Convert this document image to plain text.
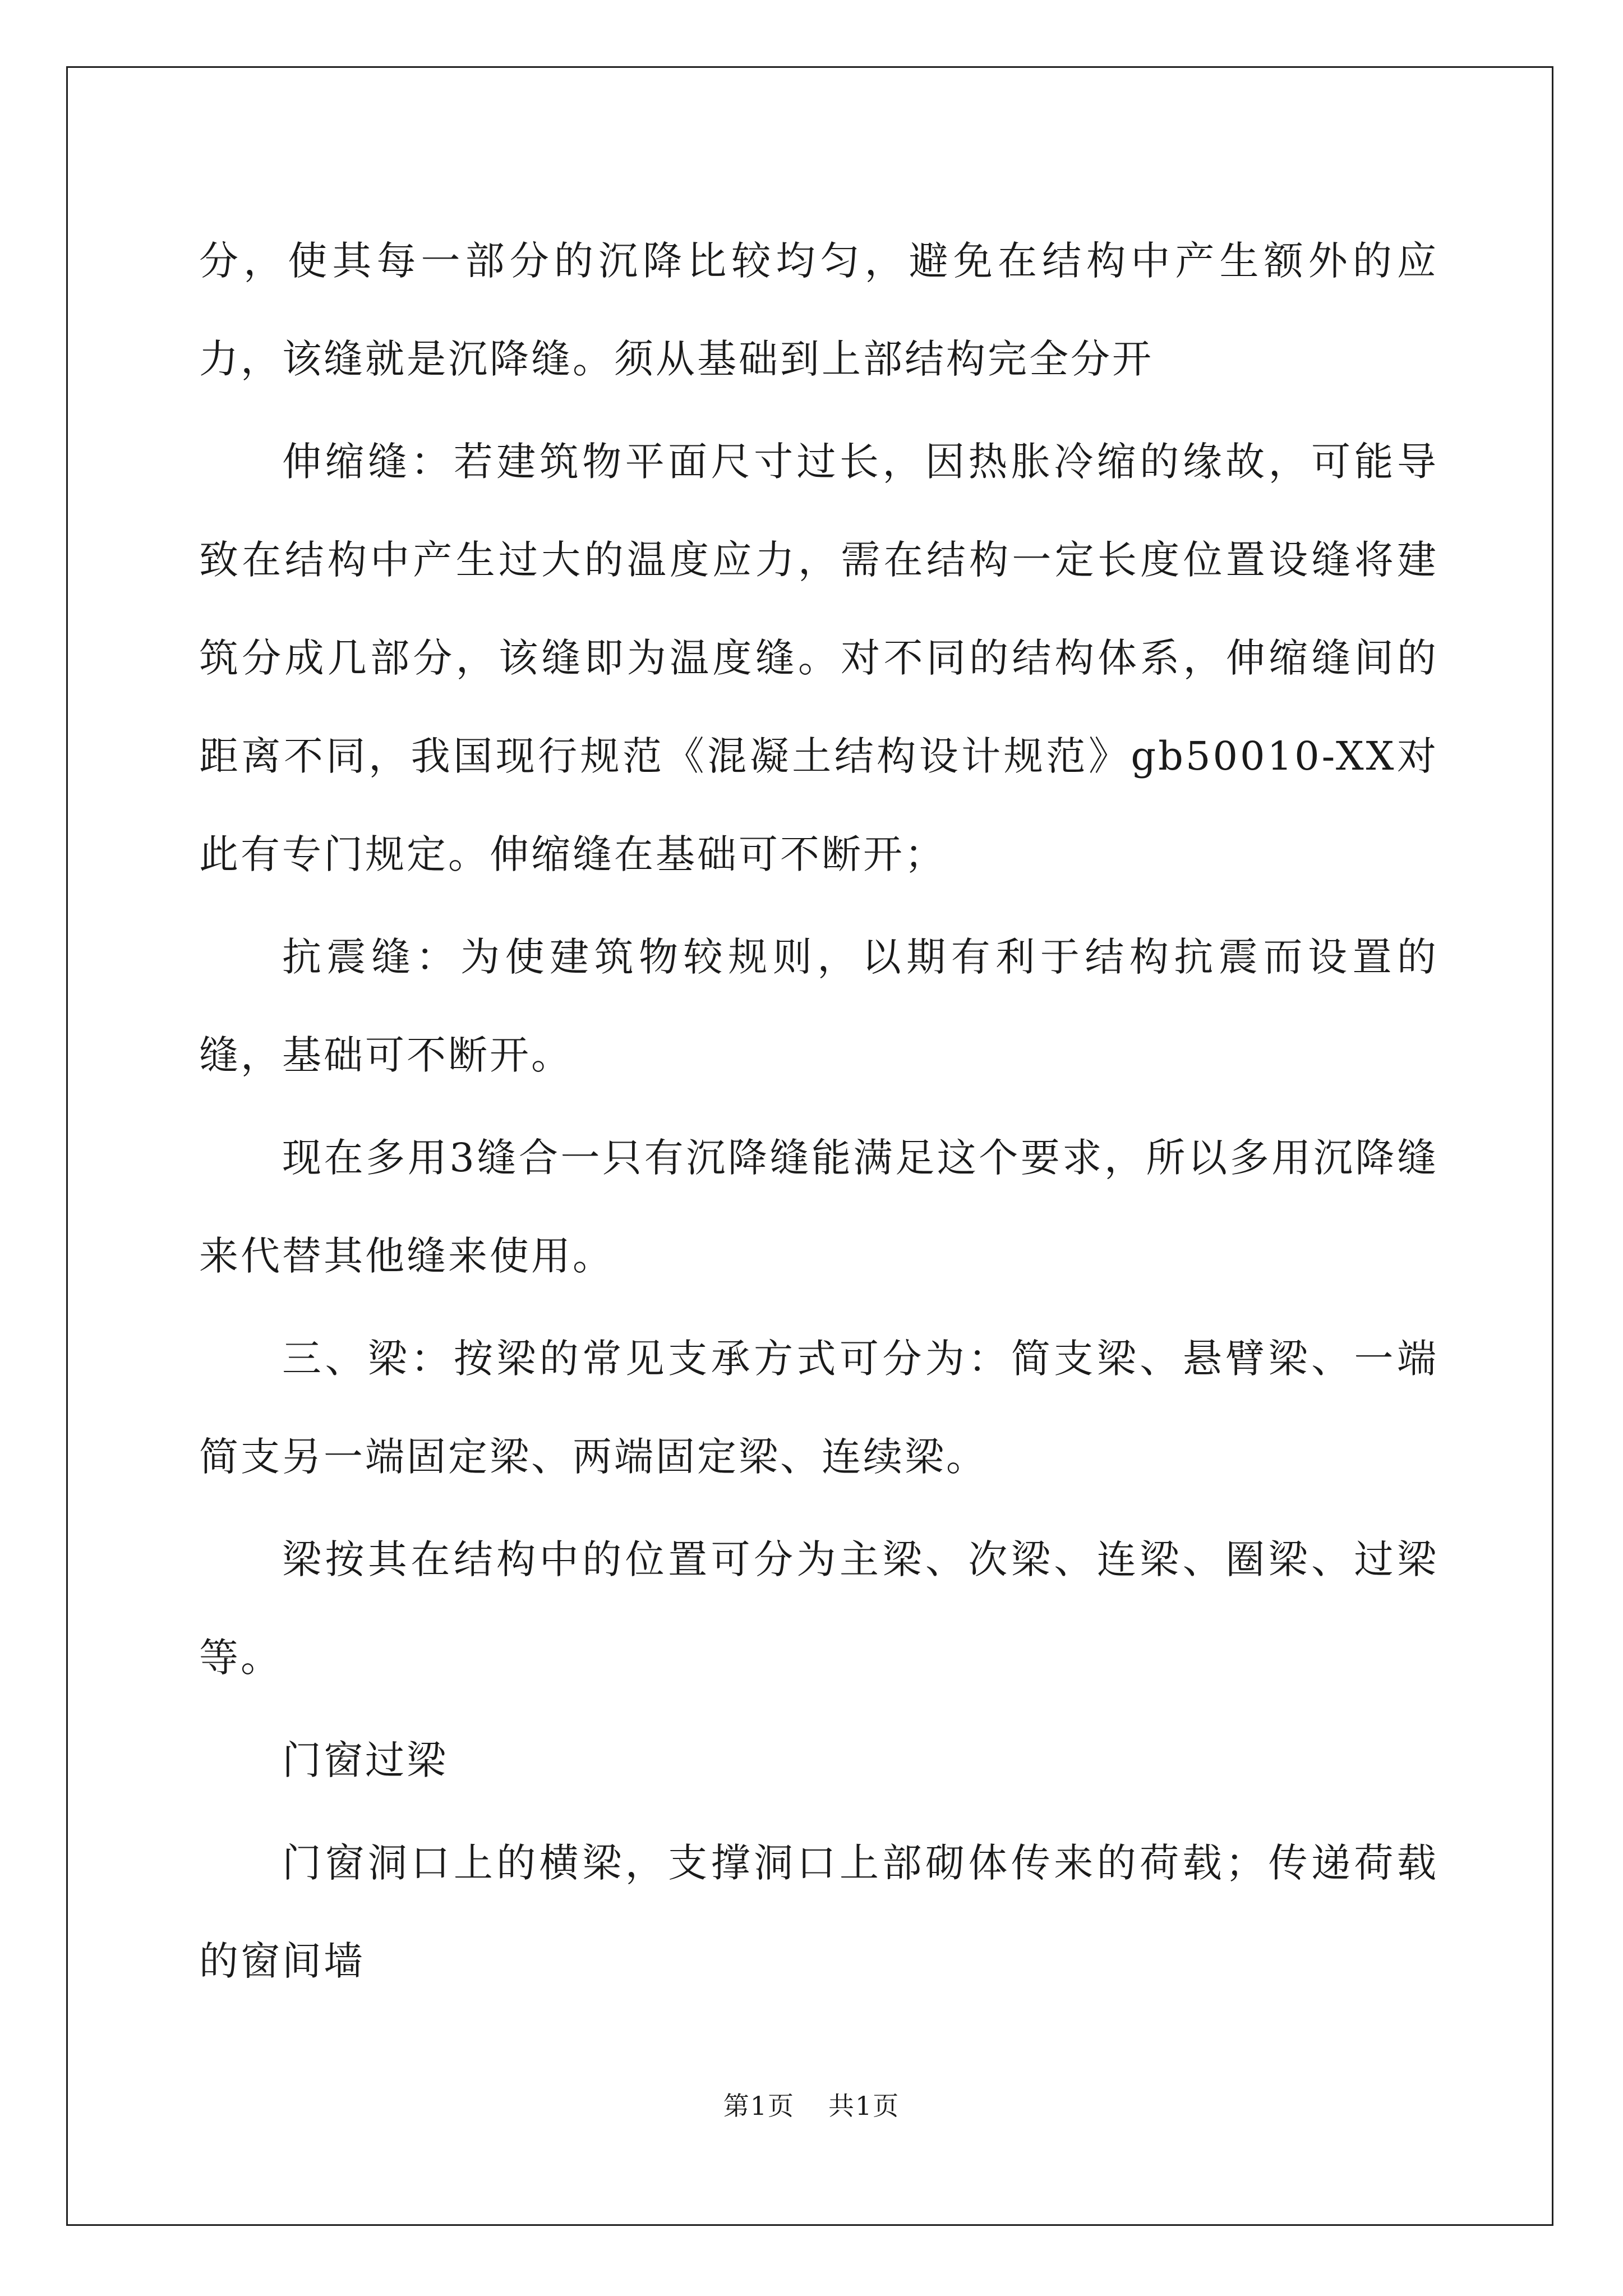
分，使其每一部分的沉降比较均匀，避免在结构中产生额外的应力，该缝就是沉降缝。须从基础到上部结构完全分开

伸缩缝：若建筑物平面尺寸过长，因热胀冷缩的缘故，可能导致在结构中产生过大的温度应力，需在结构一定长度位置设缝将建筑分成几部分，该缝即为温度缝。对不同的结构体系，伸缩缝间的距离不同，我国现行规范《混凝土结构设计规范》gb50010-XX对此有专门规定。伸缩缝在基础可不断开；

抗震缝：为使建筑物较规则，以期有利于结构抗震而设置的缝，基础可不断开。

现在多用3缝合一只有沉降缝能满足这个要求，所以多用沉降缝来代替其他缝来使用。

三、梁：按梁的常见支承方式可分为：简支梁、悬臂梁、一端简支另一端固定梁、两端固定梁、连续梁。

梁按其在结构中的位置可分为主梁、次梁、连梁、圈梁、过梁等。

门窗过梁

门窗洞口上的横梁，支撑洞口上部砌体传来的荷载；传递荷载的窗间墙

第1页 共1页
